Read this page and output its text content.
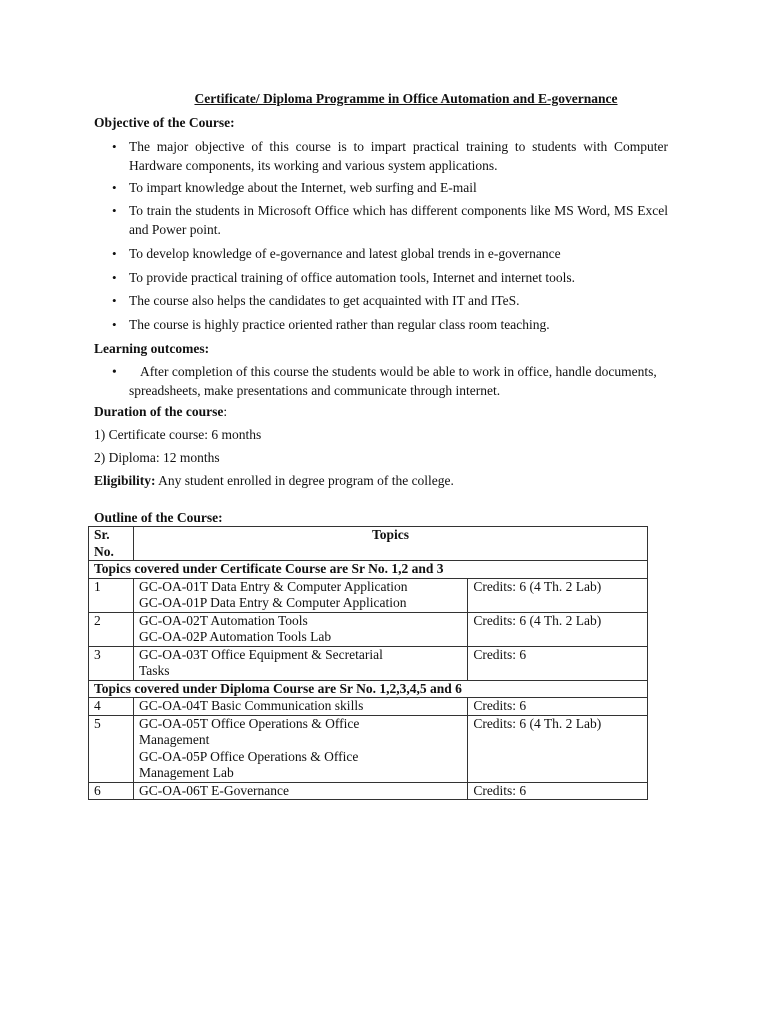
Certificate/ Diploma Programme in Office Automation and E-governance
Objective of the Course:
• The major objective of this course is to impart practical training to students with Computer Hardware components, its working and various system applications.
• To impart knowledge about the Internet, web surfing and E-mail
• To train the students in Microsoft Office which has different components like MS Word, MS Excel and Power point.
• To develop knowledge of e-governance and latest global trends in e-governance
• To provide practical training of office automation tools, Internet and internet tools.
• The course also helps the candidates to get acquainted with IT and ITeS.
• The course is highly practice oriented rather than regular class room teaching.
Learning outcomes:
•	After completion of this course the students would be able to work in office, handle documents, spreadsheets, make presentations and communicate through internet.
Duration of the course:
1) Certificate course: 6 months
2) Diploma: 12 months
Eligibility: Any student enrolled in degree program of the college.
Outline of the Course:
Sr. No.	Topics	
Topics covered under Certificate Course are Sr No. 1,2 and 3		
1	GC-OA-01T Data Entry & Computer Application
GC-OA-01P Data Entry & Computer Application	Credits: 6 (4 Th. 2 Lab)
2	GC-OA-02T Automation Tools
GC-OA-02P Automation Tools Lab	Credits: 6 (4 Th. 2 Lab)
3	GC-OA-03T Office Equipment & Secretarial
Tasks	Credits: 6
Topics covered under Diploma Course are Sr No. 1,2,3,4,5 and 6		
4	GC-OA-04T Basic Communication skills	Credits: 6
5	GC-OA-05T Office Operations & Office
Management
GC-OA-05P Office Operations & Office
Management Lab	Credits: 6 (4 Th. 2 Lab)
6	GC-OA-06T E-Governance	Credits: 6
